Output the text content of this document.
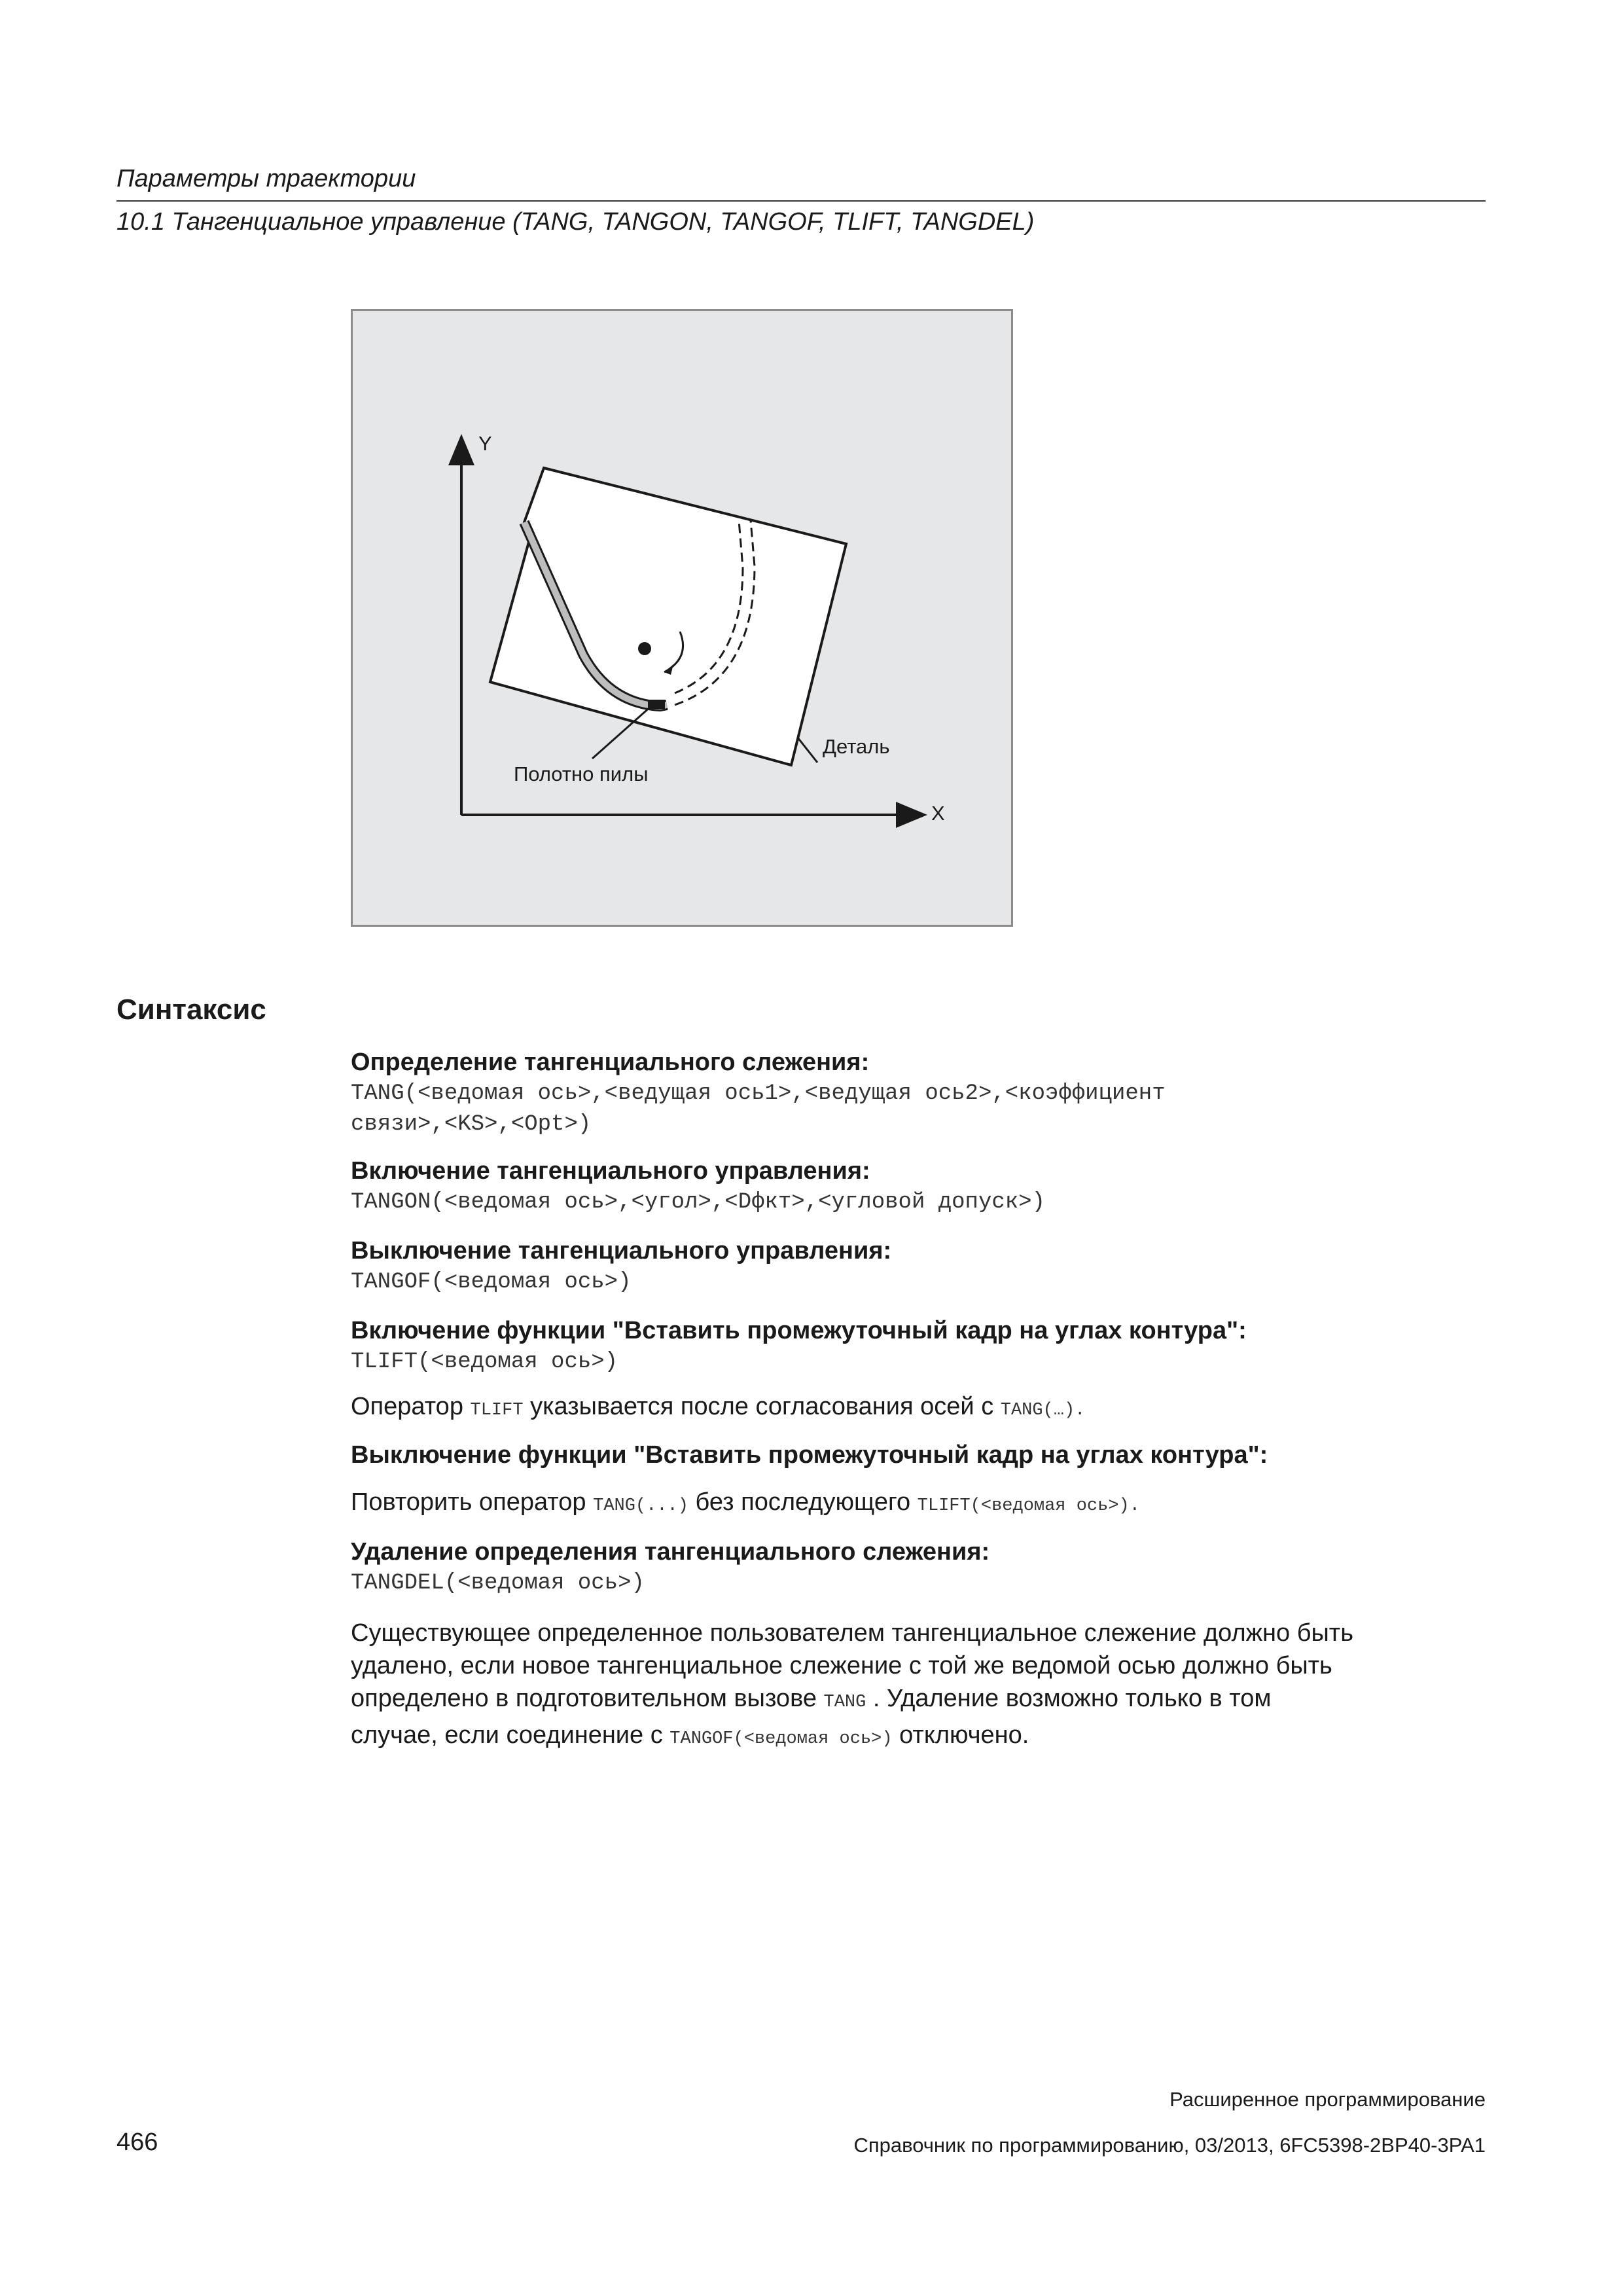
Параметры траектории
10.1 Тангенциальное управление (TANG, TANGON, TANGOF, TLIFT, TANGDEL)
Y
X
Деталь
Полотно пилы
Синтаксис
Определение тангенциального слежения:
TANG(<ведомая ось>,<ведущая ось1>,<ведущая ось2>,<коэффициент
связи>,<KS>,<Opt>)
Включение тангенциального управления:
TANGON(<ведомая ось>,<угол>,<Dфкт>,<угловой допуск>)
Выключение тангенциального управления:
TANGOF(<ведомая ось>)
Включение функции "Вставить промежуточный кадр на углах контура":
TLIFT(<ведомая ось>)
Оператор TLIFT указывается после согласования осей с TANG(…).
Выключение функции "Вставить промежуточный кадр на углах контура":
Повторить оператор TANG(...) без последующего TLIFT(<ведомая ось>).
Удаление определения тангенциального слежения:
TANGDEL(<ведомая ось>)
Существующее определенное пользователем тангенциальное слежение должно быть
удалено, если новое тангенциальное слежение с той же ведомой осью должно быть
определено в подготовительном вызове TANG . Удаление возможно только в том
случае, если соединение с TANGOF(<ведомая ось>) отключено.
Расширенное программирование
Справочник по программированию, 03/2013, 6FC5398-2BP40-3PA1
466
